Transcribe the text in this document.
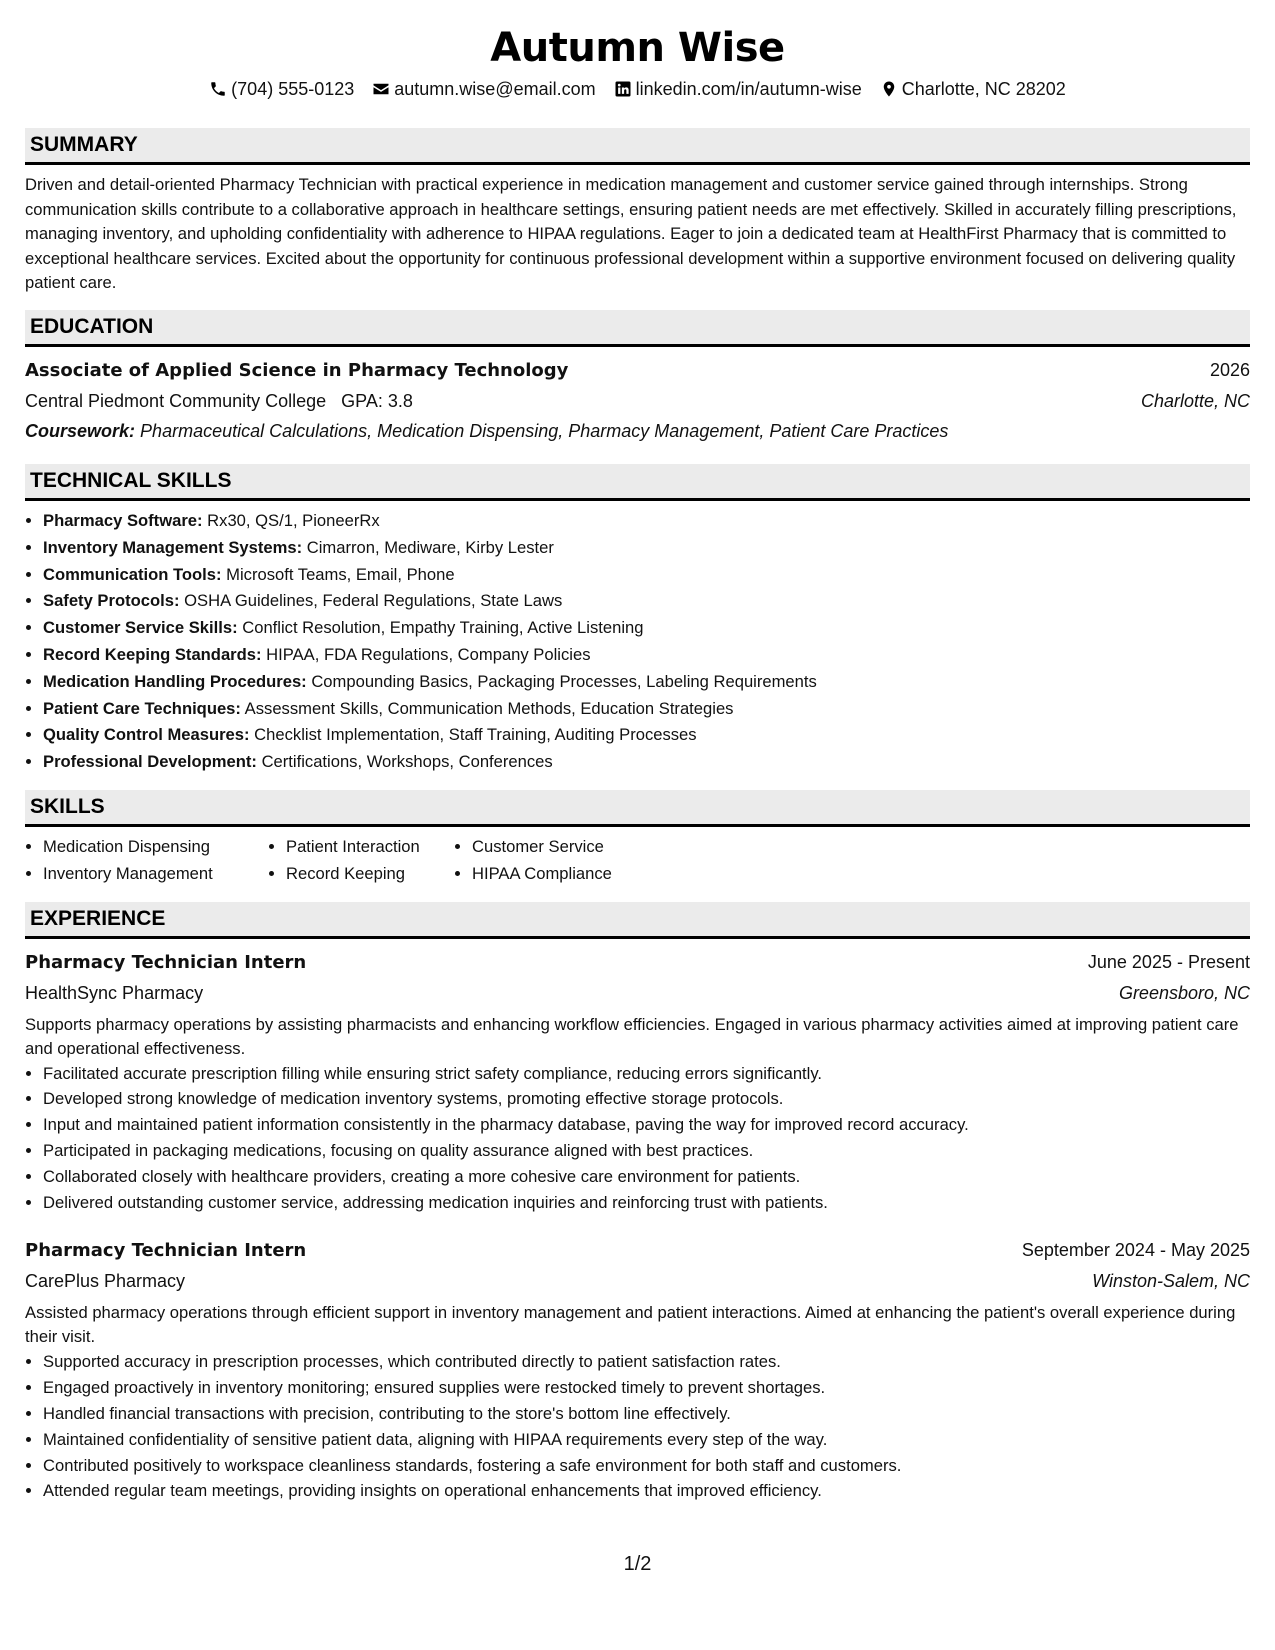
Autumn Wise
(704) 555-0123 autumn.wise@email.com linkedin.com/in/autumn-wise Charlotte, NC 28202
SUMMARY
Driven and detail-oriented Pharmacy Technician with practical experience in medication management and customer service gained through internships. Strong communication skills contribute to a collaborative approach in healthcare settings, ensuring patient needs are met effectively. Skilled in accurately filling prescriptions, managing inventory, and upholding confidentiality with adherence to HIPAA regulations. Eager to join a dedicated team at HealthFirst Pharmacy that is committed to exceptional healthcare services. Excited about the opportunity for continuous professional development within a supportive environment focused on delivering quality patient care.
EDUCATION
Associate of Applied Science in Pharmacy Technology	2026
Central Piedmont Community College GPA: 3.8	Charlotte, NC
Coursework: Pharmaceutical Calculations, Medication Dispensing, Pharmacy Management, Patient Care Practices
TECHNICAL SKILLS
• Pharmacy Software: Rx30, QS/1, PioneerRx
• Inventory Management Systems: Cimarron, Mediware, Kirby Lester
• Communication Tools: Microsoft Teams, Email, Phone
• Safety Protocols: OSHA Guidelines, Federal Regulations, State Laws
• Customer Service Skills: Conflict Resolution, Empathy Training, Active Listening
• Record Keeping Standards: HIPAA, FDA Regulations, Company Policies
• Medication Handling Procedures: Compounding Basics, Packaging Processes, Labeling Requirements
• Patient Care Techniques: Assessment Skills, Communication Methods, Education Strategies
• Quality Control Measures: Checklist Implementation, Staff Training, Auditing Processes
• Professional Development: Certifications, Workshops, Conferences
SKILLS
• Medication Dispensing
• Inventory Management
• Patient Interaction
• Record Keeping
• Customer Service
• HIPAA Compliance
EXPERIENCE
Pharmacy Technician Intern	June 2025 - Present
HealthSync Pharmacy	Greensboro, NC
Supports pharmacy operations by assisting pharmacists and enhancing workflow efficiencies. Engaged in various pharmacy activities aimed at improving patient care and operational effectiveness.
• Facilitated accurate prescription filling while ensuring strict safety compliance, reducing errors significantly.
• Developed strong knowledge of medication inventory systems, promoting effective storage protocols.
• Input and maintained patient information consistently in the pharmacy database, paving the way for improved record accuracy.
• Participated in packaging medications, focusing on quality assurance aligned with best practices.
• Collaborated closely with healthcare providers, creating a more cohesive care environment for patients.
• Delivered outstanding customer service, addressing medication inquiries and reinforcing trust with patients.
Pharmacy Technician Intern	September 2024 - May 2025
CarePlus Pharmacy	Winston-Salem, NC
Assisted pharmacy operations through efficient support in inventory management and patient interactions. Aimed at enhancing the patient's overall experience during their visit.
• Supported accuracy in prescription processes, which contributed directly to patient satisfaction rates.
• Engaged proactively in inventory monitoring; ensured supplies were restocked timely to prevent shortages.
• Handled financial transactions with precision, contributing to the store's bottom line effectively.
• Maintained confidentiality of sensitive patient data, aligning with HIPAA requirements every step of the way.
• Contributed positively to workspace cleanliness standards, fostering a safe environment for both staff and customers.
• Attended regular team meetings, providing insights on operational enhancements that improved efficiency.
1/2
